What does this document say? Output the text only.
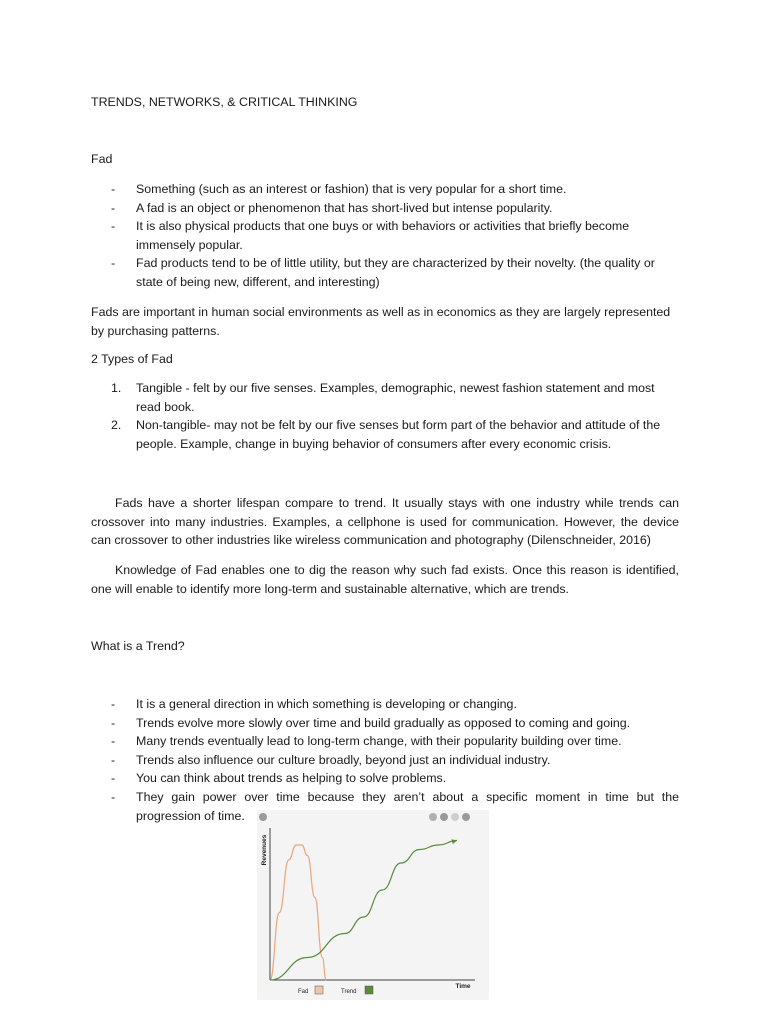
TRENDS, NETWORKS, & CRITICAL THINKING

Fad

- Something (such as an interest or fashion) that is very popular for a short time.
- A fad is an object or phenomenon that has short-lived but intense popularity.
- It is also physical products that one buys or with behaviors or activities that briefly become immensely popular.
- Fad products tend to be of little utility, but they are characterized by their novelty. (the quality or state of being new, different, and interesting)

Fads are important in human social environments as well as in economics as they are largely represented by purchasing patterns.

2 Types of Fad

1. Tangible - felt by our five senses. Examples, demographic, newest fashion statement and most read book.
2. Non-tangible- may not be felt by our five senses but form part of the behavior and attitude of the people. Example, change in buying behavior of consumers after every economic crisis.

Fads have a shorter lifespan compare to trend. It usually stays with one industry while trends can crossover into many industries. Examples, a cellphone is used for communication. However, the device can crossover to other industries like wireless communication and photography (Dilenschneider, 2016)

Knowledge of Fad enables one to dig the reason why such fad exists. Once this reason is identified, one will enable to identify more long-term and sustainable alternative, which are trends.

What is a Trend?

- It is a general direction in which something is developing or changing.
- Trends evolve more slowly over time and build gradually as opposed to coming and going.
- Many trends eventually lead to long-term change, with their popularity building over time.
- Trends also influence our culture broadly, beyond just an individual industry.
- You can think about trends as helping to solve problems.
- They gain power over time because they aren’t about a specific moment in time but the progression of time.
Revenues
Time
Fad	Trend
